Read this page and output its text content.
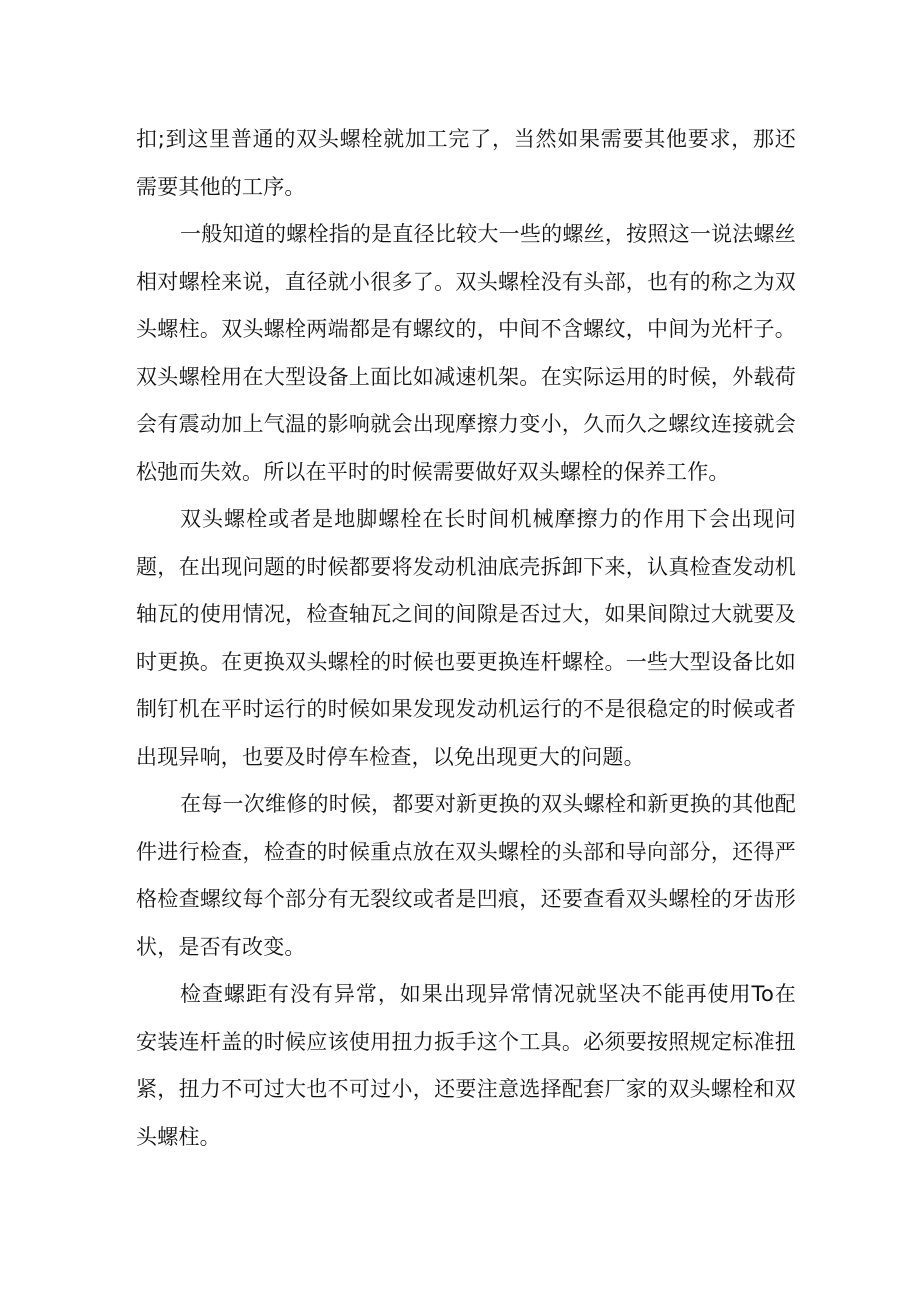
扣;到这里普通的双头螺栓就加工完了，当然如果需要其他要求，那还需要其他的工序。

一般知道的螺栓指的是直径比较大一些的螺丝，按照这一说法螺丝相对螺栓来说，直径就小很多了。双头螺栓没有头部，也有的称之为双头螺柱。双头螺栓两端都是有螺纹的，中间不含螺纹，中间为光杆子。双头螺栓用在大型设备上面比如减速机架。在实际运用的时候，外载荷会有震动加上气温的影响就会出现摩擦力变小，久而久之螺纹连接就会松弛而失效。所以在平时的时候需要做好双头螺栓的保养工作。

双头螺栓或者是地脚螺栓在长时间机械摩擦力的作用下会出现问题，在出现问题的时候都要将发动机油底壳拆卸下来，认真检查发动机轴瓦的使用情况，检查轴瓦之间的间隙是否过大，如果间隙过大就要及时更换。在更换双头螺栓的时候也要更换连杆螺栓。一些大型设备比如制钉机在平时运行的时候如果发现发动机运行的不是很稳定的时候或者出现异响，也要及时停车检查，以免出现更大的问题。

在每一次维修的时候，都要对新更换的双头螺栓和新更换的其他配件进行检查，检查的时候重点放在双头螺栓的头部和导向部分，还得严格检查螺纹每个部分有无裂纹或者是凹痕，还要查看双头螺栓的牙齿形状，是否有改变。

检查螺距有没有异常，如果出现异常情况就坚决不能再使用To在安装连杆盖的时候应该使用扭力扳手这个工具。必须要按照规定标准扭紧，扭力不可过大也不可过小，还要注意选择配套厂家的双头螺栓和双头螺柱。
